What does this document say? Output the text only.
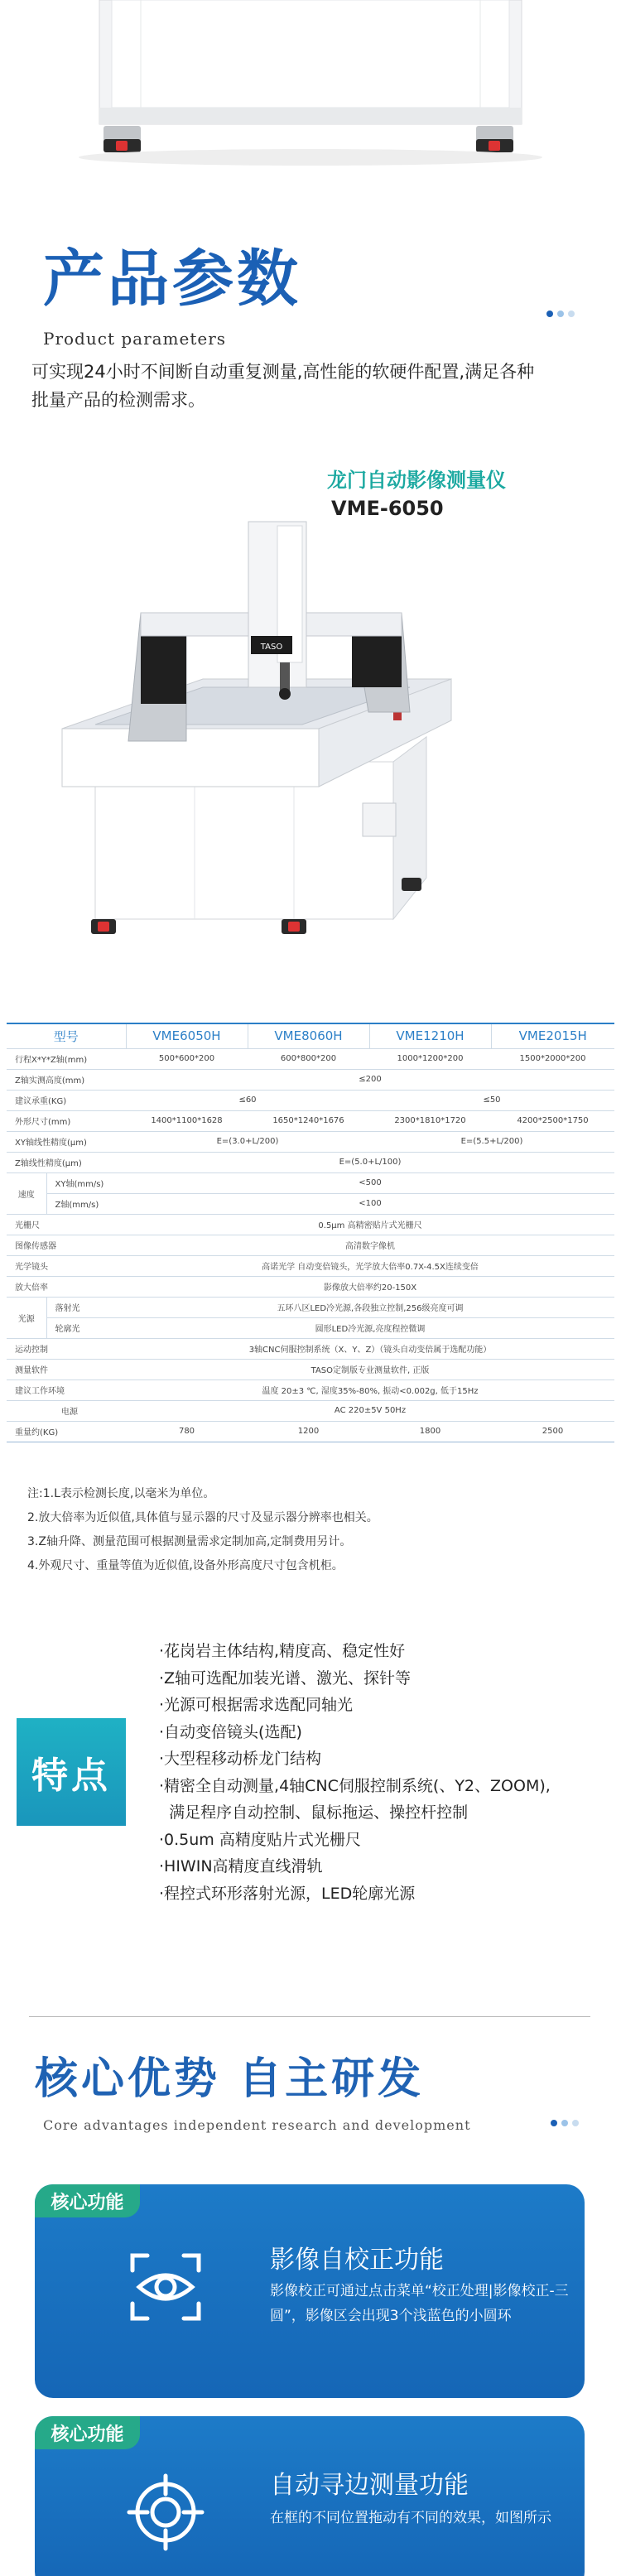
产品参数
Product parameters
可实现24小时不间断自动重复测量,高性能的软硬件配置,满足各种批量产品的检测需求。
龙门自动影像测量仪
VME-6050
TASO
型号		VME6050H	VME8060H	VME1210H	VME2015H
行程X*Y*Z轴(mm)		500*600*200	600*800*200	1000*1200*200	1500*2000*200
Z轴实测高度(mm)		≤200			
建议承重(KG)		≤60		≤50	
外形尺寸(mm)		1400*1100*1628	1650*1240*1676	2300*1810*1720	4200*2500*1750
XY轴线性精度(μm)		E=(3.0+L/200)		E=(5.5+L/200)	
Z轴线性精度(μm)		E=(5.0+L/100)			
速度	XY轴(mm/s)	<500			
	Z轴(mm/s)	<100			
光栅尺		0.5μm 高精密贴片式光栅尺			
图像传感器		高清数字像机			
光学镜头		高诺光学 自动变倍镜头，光学放大倍率0.7X-4.5X连续变倍			
放大倍率		影像放大倍率约20-150X			
光源	落射光	五环八区LED冷光源,各段独立控制,256级亮度可调			
	轮廓光	圆形LED冷光源,亮度程控微调			
运动控制		3轴CNC伺服控制系统（X、Y、Z）（镜头自动变倍属于选配功能）			
测量软件		TASO定制版专业测量软件, 正版			
建议工作环境		温度 20±3 ℃, 湿度35%-80%, 振动<0.002g, 低于15Hz			
电源		AC 220±5V 50Hz			
重量约(KG)		780	1200	1800	2500
注:1.L表示检测长度,以毫米为单位。
2.放大倍率为近似值,具体值与显示器的尺寸及显示器分辨率也相关。
3.Z轴升降、测量范围可根据测量需求定制加高,定制费用另计。
4.外观尺寸、重量等值为近似值,设备外形高度尺寸包含机柜。
特点
·花岗岩主体结构,精度高、稳定性好
·Z轴可选配加装光谱、激光、探针等
·光源可根据需求选配同轴光
·自动变倍镜头(选配)
·大型程移动桥龙门结构
·精密全自动测量,4轴CNC伺服控制系统(、Y2、ZOOM),
满足程序自动控制、鼠标拖运、操控杆控制
·0.5um 高精度贴片式光栅尺
·HIWIN高精度直线滑轨
·程控式环形落射光源，LED轮廓光源
核心优势 自主研发
Core advantages independent research and development
核心功能
影像自校正功能
影像校正可通过点击菜单“校正处理|影像校正-三圆”，影像区会出现3个浅蓝色的小圆环
核心功能
自动寻边测量功能
在框的不同位置拖动有不同的效果，如图所示
